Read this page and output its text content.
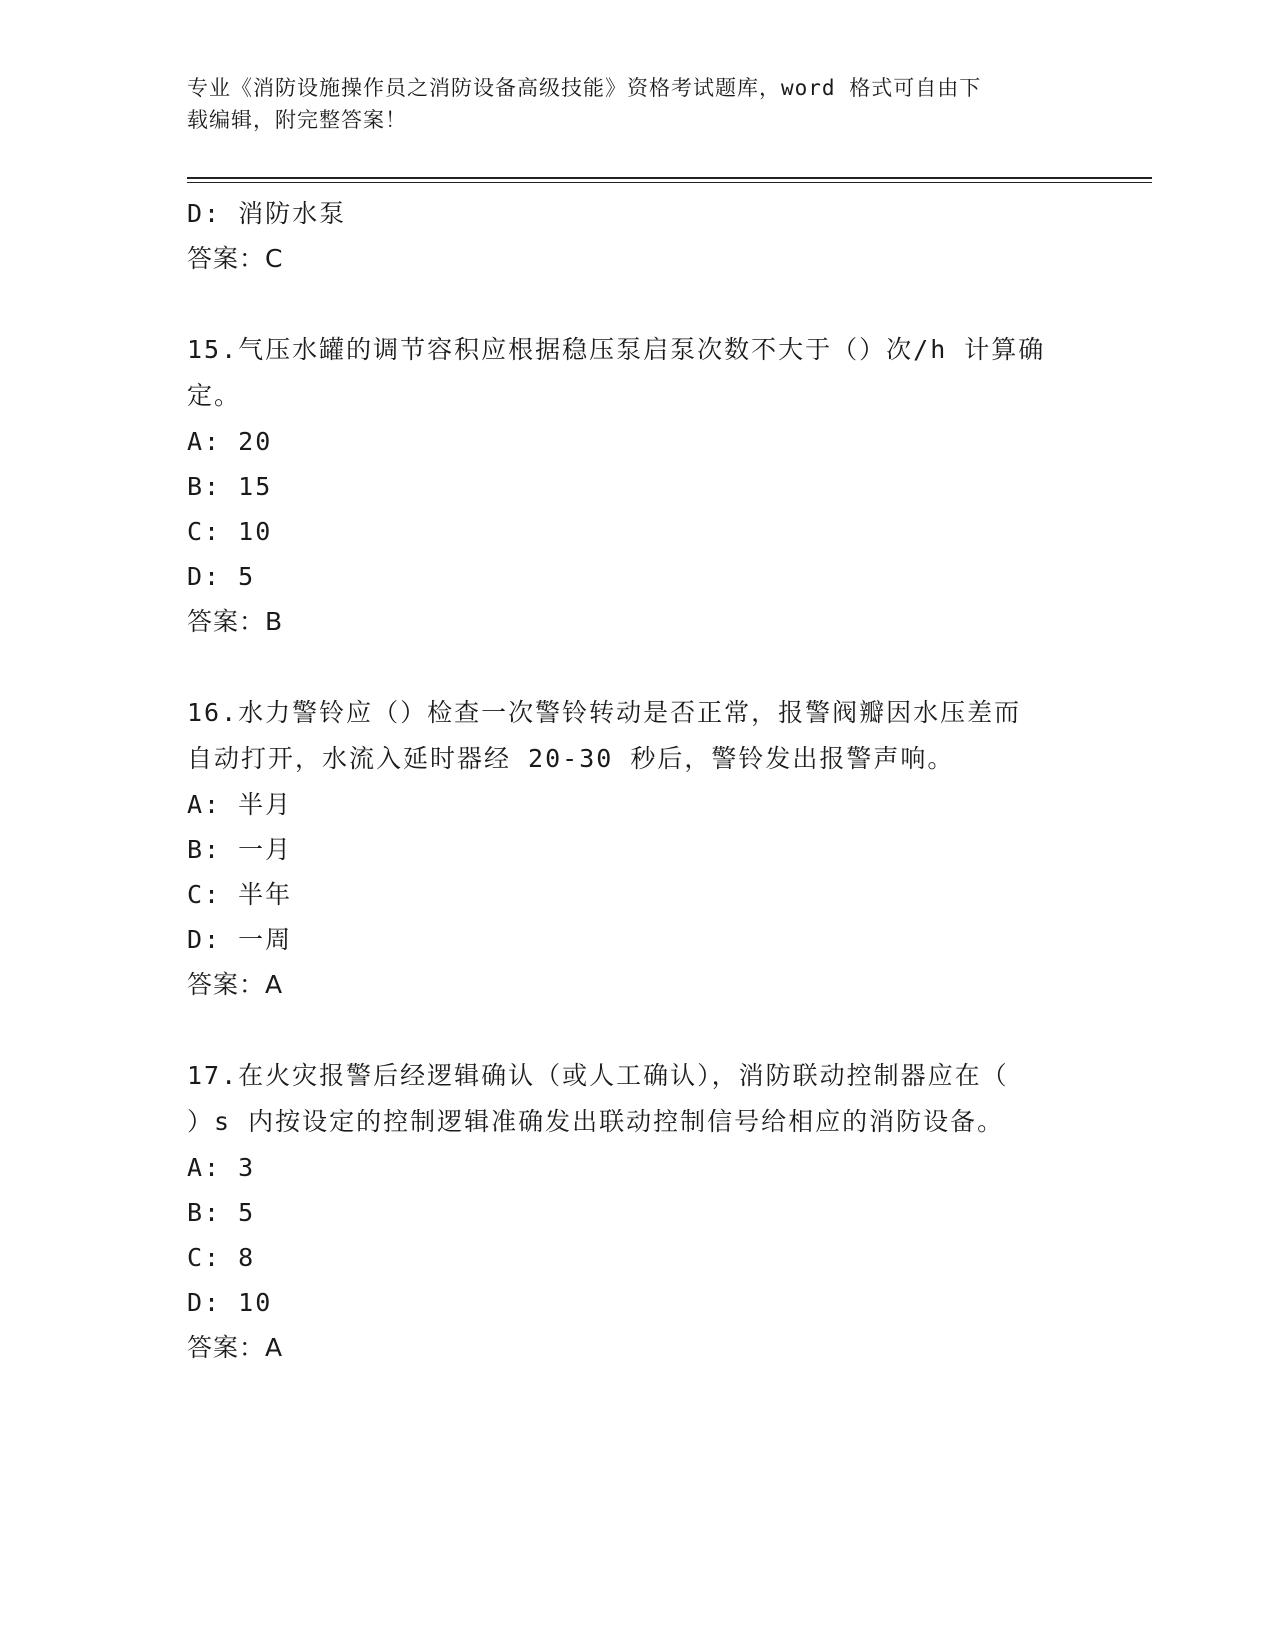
专业《消防设施操作员之消防设备高级技能》资格考试题库，word 格式可自由下
载编辑，附完整答案！
D: 消防水泵
答案：C
15.气压水罐的调节容积应根据稳压泵启泵次数不大于（）次/h 计算确
定。
A: 20
B: 15
C: 10
D: 5
答案：B
16.水力警铃应（）检查一次警铃转动是否正常，报警阀瓣因水压差而
自动打开，水流入延时器经 20-30 秒后，警铃发出报警声响。
A: 半月
B: 一月
C: 半年
D: 一周
答案：A
17.在火灾报警后经逻辑确认（或人工确认），消防联动控制器应在（
）s 内按设定的控制逻辑准确发出联动控制信号给相应的消防设备。
A: 3
B: 5
C: 8
D: 10
答案：A
